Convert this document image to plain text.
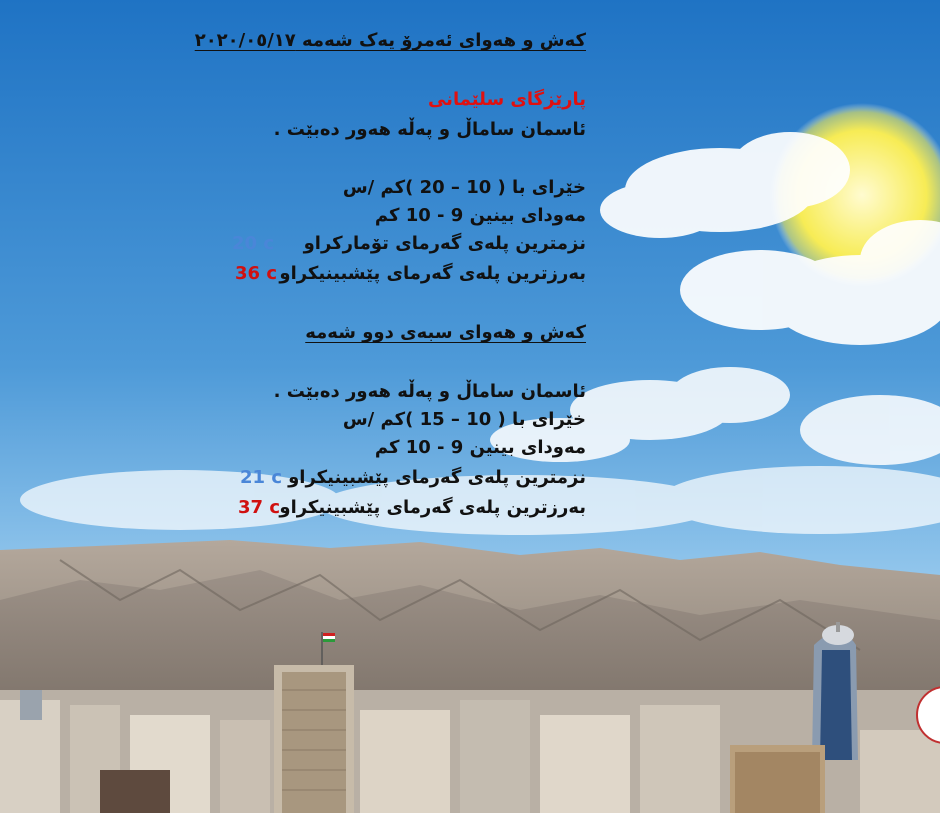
کەش و هەوای ئەمرۆ یەک شەمە ٢٠٢٠/٠٥/١٧
پارێزگای سلێمانی
ئاسمان ساماڵ و پەڵە هەور دەبێت .
خێرای با ( 10 – 20 )کم /س
مەودای بینین 9 - 10 کم
نزمترین پلەی گەرمای تۆمارکراو
بەرزترین پلەی گەرمای پێشبینیکراو
کەش و هەوای سبەی دوو شەمە
ئاسمان ساماڵ و پەڵە هەور دەبێت .
خێرای با ( 10 – 15 )کم /س
مەودای بینین 9 - 10 کم
نزمترین پلەی گەرمای پێشبینیکراو
بەرزترین پلەی گەرمای پێشبینیکراو
20 c
36 c
21 c
37 c
